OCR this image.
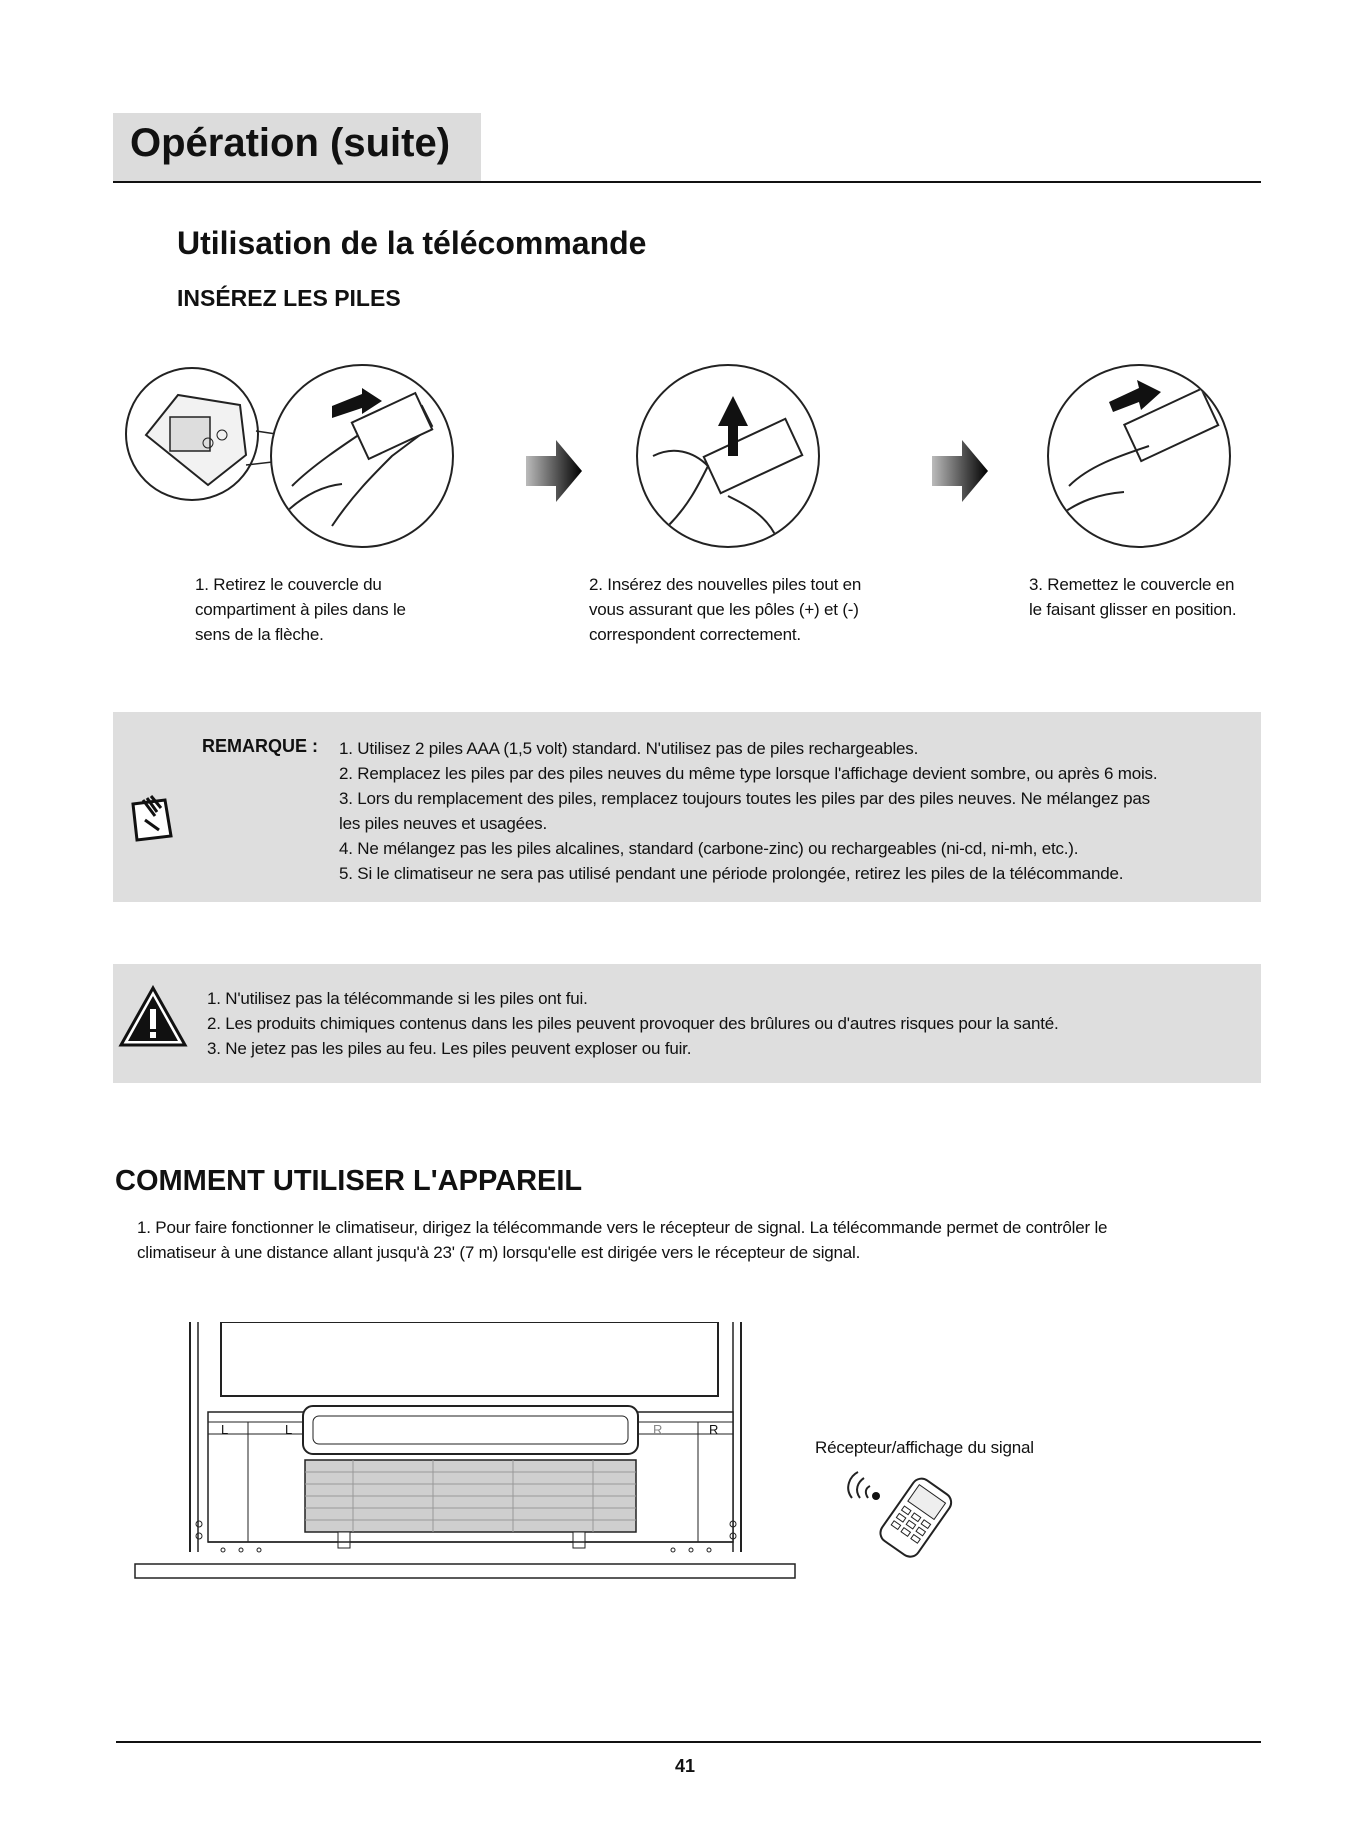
Opération (suite)
Utilisation de la télécommande
INSÉREZ LES PILES
1. Retirez le couvercle du
compartiment à piles dans le
sens de la flèche.
2. Insérez des nouvelles piles tout en
vous assurant que les pôles (+) et (-)
correspondent correctement.
3. Remettez le couvercle en
le faisant glisser en position.
REMARQUE : 1. Utilisez 2 piles AAA (1,5 volt) standard. N'utilisez pas de piles rechargeables.
2. Remplacez les piles par des piles neuves du même type lorsque l'affichage devient sombre, ou après 6 mois.
3. Lors du remplacement des piles, remplacez toujours toutes les piles par des piles neuves. Ne mélangez pas
les piles neuves et usagées.
4. Ne mélangez pas les piles alcalines, standard (carbone-zinc) ou rechargeables (ni-cd, ni-mh, etc.).
5. Si le climatiseur ne sera pas utilisé pendant une période prolongée, retirez les piles de la télécommande.
1. N'utilisez pas la télécommande si les piles ont fui.
2. Les produits chimiques contenus dans les piles peuvent provoquer des brûlures ou d'autres risques pour la santé.
3. Ne jetez pas les piles au feu. Les piles peuvent exploser ou fuir.
COMMENT UTILISER L'APPAREIL
1. Pour faire fonctionner le climatiseur, dirigez la télécommande vers le récepteur de signal. La télécommande permet de contrôler le
climatiseur à une distance allant jusqu'à 23' (7 m) lorsqu'elle est dirigée vers le récepteur de signal.
L	L	R	R
Récepteur/affichage du signal
41
